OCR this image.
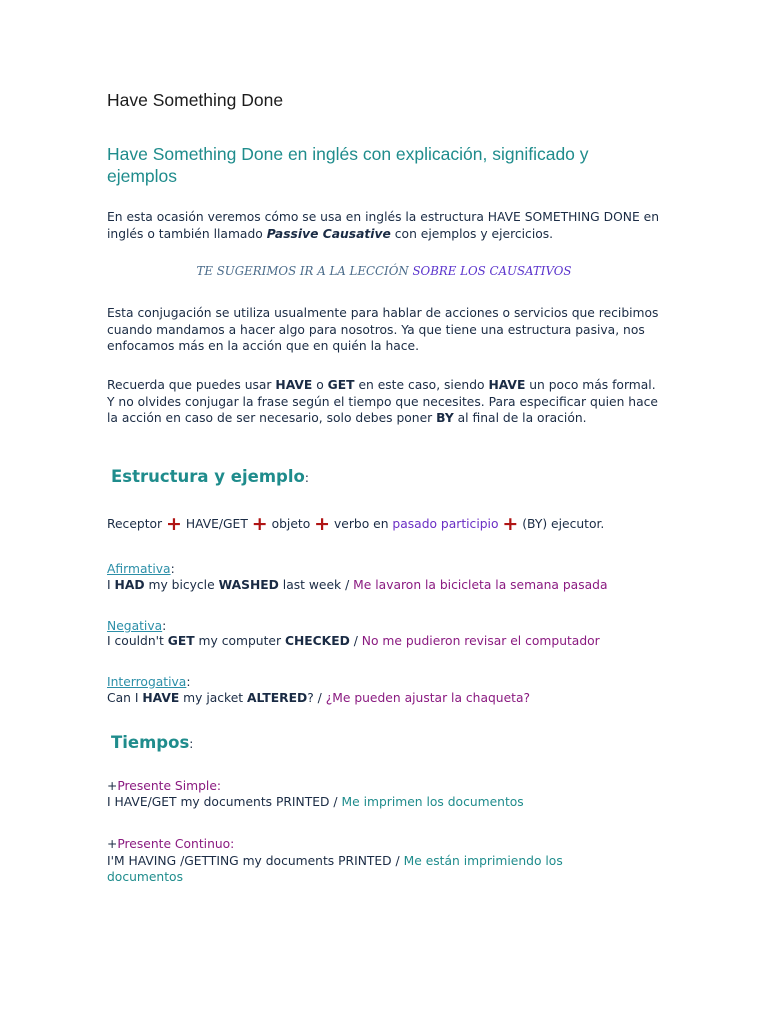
Have Something Done
Have Something Done en inglés con explicación, significado y ejemplos

En esta ocasión veremos cómo se usa en inglés la estructura HAVE SOMETHING DONE en inglés o también llamado Passive Causative con ejemplos y ejercicios.

TE SUGERIMOS IR A LA LECCIÓN SOBRE LOS CAUSATIVOS

Esta conjugación se utiliza usualmente para hablar de acciones o servicios que recibimos cuando mandamos a hacer algo para nosotros. Ya que tiene una estructura pasiva, nos enfocamos más en la acción que en quién la hace.

Recuerda que puedes usar HAVE o GET en este caso, siendo HAVE un poco más formal. Y no olvides conjugar la frase según el tiempo que necesites. Para especificar quien hace la acción en caso de ser necesario, solo debes poner BY al final de la oración.

Estructura y ejemplo:
Receptor + HAVE/GET + objeto + verbo en pasado participio + (BY) ejecutor.
Afirmativa:
I HAD my bicycle WASHED last week / Me lavaron la bicicleta la semana pasada
Negativa:
I couldn't GET my computer CHECKED / No me pudieron revisar el computador
Interrogativa:
Can I HAVE my jacket ALTERED? / ¿Me pueden ajustar la chaqueta?
Tiempos:
+Presente Simple:
I HAVE/GET my documents PRINTED / Me imprimen los documentos
+Presente Continuo:
I'M HAVING /GETTING my documents PRINTED / Me están imprimiendo los
documentos
